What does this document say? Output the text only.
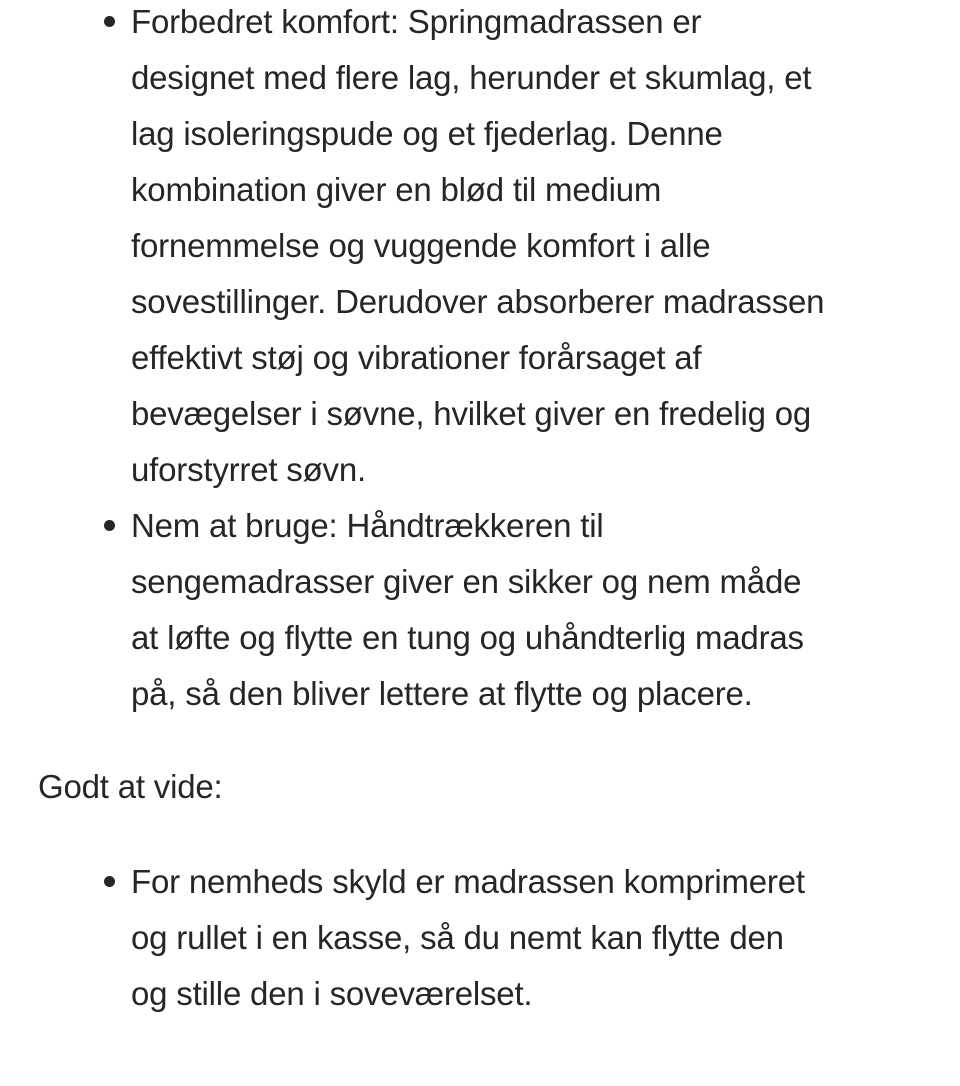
Forbedret komfort: Springmadrassen er
designet med flere lag, herunder et skumlag, et
lag isoleringspude og et fjederlag. Denne
kombination giver en blød til medium
fornemmelse og vuggende komfort i alle
sovestillinger. Derudover absorberer madrassen
effektivt støj og vibrationer forårsaget af
bevægelser i søvne, hvilket giver en fredelig og
uforstyrret søvn.
Nem at bruge: Håndtrækkeren til
sengemadrasser giver en sikker og nem måde
at løfte og flytte en tung og uhåndterlig madras
på, så den bliver lettere at flytte og placere.
Godt at vide:
For nemheds skyld er madrassen komprimeret
og rullet i en kasse, så du nemt kan flytte den
og stille den i soveværelset.
